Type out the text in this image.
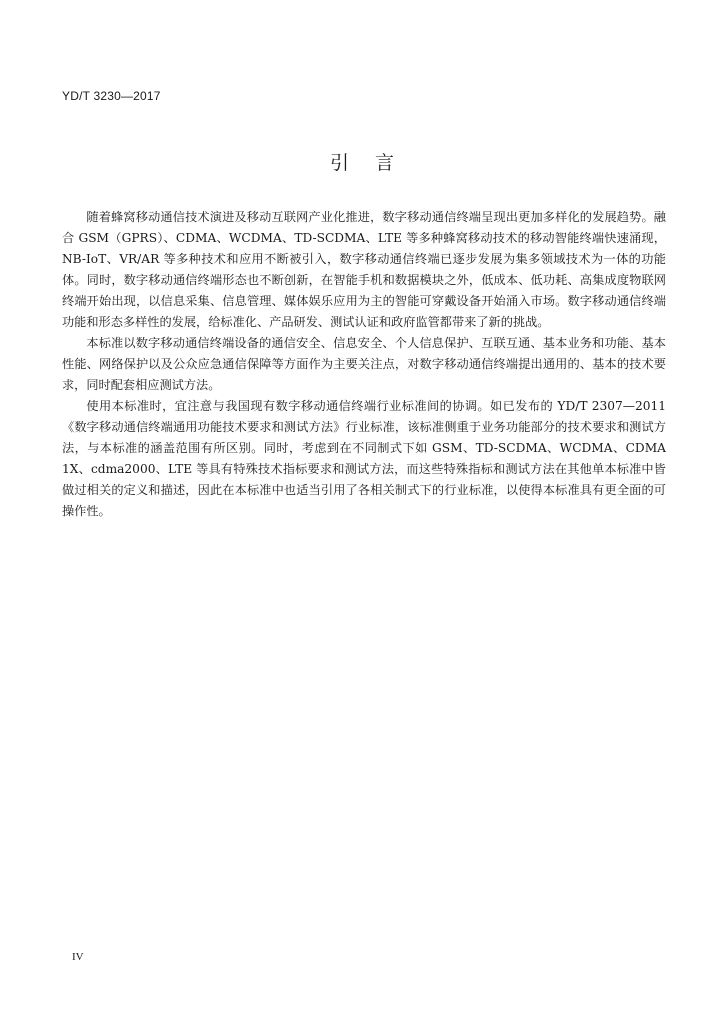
YD/T 3230—2017
引言

随着蜂窝移动通信技术演进及移动互联网产业化推进，数字移动通信终端呈现出更加多样化的发展趋势。融合 GSM（GPRS）、CDMA、WCDMA、TD-SCDMA、LTE 等多种蜂窝移动技术的移动智能终端快速涌现，NB-IoT、VR/AR 等多种技术和应用不断被引入，数字移动通信终端已逐步发展为集多领域技术为一体的功能体。同时，数字移动通信终端形态也不断创新，在智能手机和数据模块之外，低成本、低功耗、高集成度物联网终端开始出现，以信息采集、信息管理、媒体娱乐应用为主的智能可穿戴设备开始涌入市场。数字移动通信终端功能和形态多样性的发展，给标准化、产品研发、测试认证和政府监管都带来了新的挑战。

本标准以数字移动通信终端设备的通信安全、信息安全、个人信息保护、互联互通、基本业务和功能、基本性能、网络保护以及公众应急通信保障等方面作为主要关注点，对数字移动通信终端提出通用的、基本的技术要求，同时配套相应测试方法。

使用本标准时，宜注意与我国现有数字移动通信终端行业标准间的协调。如已发布的 YD/T 2307—2011《数字移动通信终端通用功能技术要求和测试方法》行业标准，该标准侧重于业务功能部分的技术要求和测试方法，与本标准的涵盖范围有所区别。同时，考虑到在不同制式下如 GSM、TD-SCDMA、WCDMA、CDMA 1X、cdma2000、LTE 等具有特殊技术指标要求和测试方法，而这些特殊指标和测试方法在其他单本标准中皆做过相关的定义和描述，因此在本标准中也适当引用了各相关制式下的行业标准，以使得本标准具有更全面的可操作性。

IV
